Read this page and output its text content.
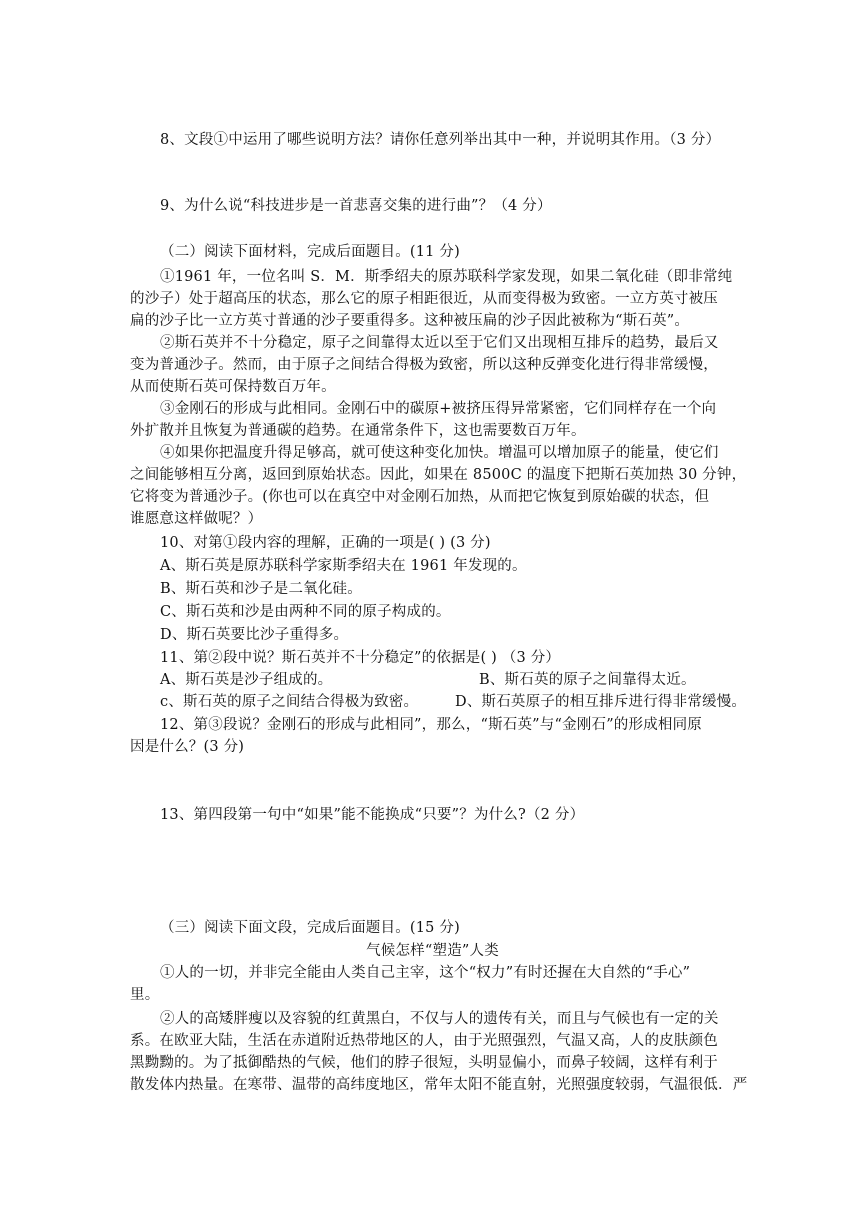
8、文段①中运用了哪些说明方法？请你任意列举出其中一种，并说明其作用。（3 分）
9、为什么说“科技进步是一首悲喜交集的进行曲”？（4 分）
（二）阅读下面材料，完成后面题目。(11 分)
①1961 年，一位名叫 S．M．斯季绍夫的原苏联科学家发现，如果二氧化硅（即非常纯
的沙子）处于超高压的状态，那么它的原子相距很近，从而变得极为致密。一立方英寸被压
扁的沙子比一立方英寸普通的沙子要重得多。这种被压扁的沙子因此被称为“斯石英”。
②斯石英并不十分稳定，原子之间靠得太近以至于它们又出现相互排斥的趋势，最后又
变为普通沙子。然而，由于原子之间结合得极为致密，所以这种反弹变化进行得非常缓慢，
从而使斯石英可保持数百万年。
③金刚石的形成与此相同。金刚石中的碳原+被挤压得异常紧密，它们同样存在一个向
外扩散并且恢复为普通碳的趋势。在通常条件下，这也需要数百万年。
④如果你把温度升得足够高，就可使这种变化加快。增温可以增加原子的能量，使它们
之间能够相互分离，返回到原始状态。因此，如果在 8500C 的温度下把斯石英加热 30 分钟，
它将变为普通沙子。(你也可以在真空中对金刚石加热，从而把它恢复到原始碳的状态，但
谁愿意这样做呢？）
10、对第①段内容的理解，正确的一项是( ) (3 分)
A、斯石英是原苏联科学家斯季绍夫在 1961 年发现的。
B、斯石英和沙子是二氧化硅。
C、斯石英和沙是由两种不同的原子构成的。
D、斯石英要比沙子重得多。
11、第②段中说？斯石英并不十分稳定”的依据是( ) （3 分）
A、斯石英是沙子组成的。	B、斯石英的原子之间靠得太近。
c、斯石英的原子之间结合得极为致密。	D、斯石英原子的相互排斥进行得非常缓慢。
12、第③段说？金刚石的形成与此相同”，那么，“斯石英”与“金刚石”的形成相同原
因是什么？(3 分)
13、第四段第一句中“如果”能不能换成“只要”？为什么?（2 分）
（三）阅读下面文段，完成后面题目。(15 分)
气候怎样“塑造”人类
①人的一切，并非完全能由人类自己主宰，这个“权力”有时还握在大自然的“手心”
里。
②人的高矮胖瘦以及容貌的红黄黑白，不仅与人的遗传有关，而且与气候也有一定的关
系。在欧亚大陆，生活在赤道附近热带地区的人，由于光照强烈，气温又高，人的皮肤颜色
黑黝黝的。为了抵御酷热的气候，他们的脖子很短，头明显偏小，而鼻子较阔，这样有利于
散发体内热量。在寒带、温带的高纬度地区，常年太阳不能直射，光照强度较弱，气温很低．严
